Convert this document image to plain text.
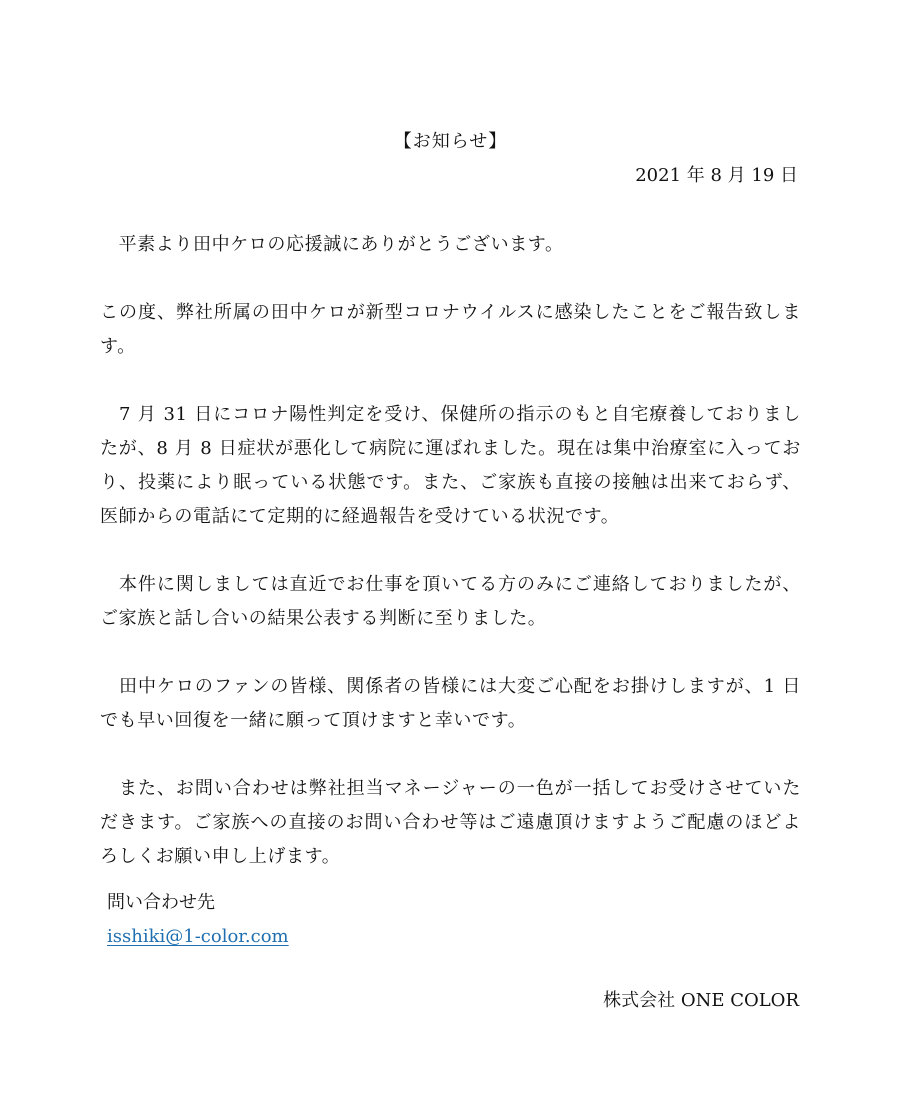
【お知らせ】
2021 年 8 月 19 日

　平素より田中ケロの応援誠にありがとうございます。

この度、弊社所属の田中ケロが新型コロナウイルスに感染したことをご報告致します。

　7 月 31 日にコロナ陽性判定を受け、保健所の指示のもと自宅療養しておりましたが、8 月 8 日症状が悪化して病院に運ばれました。現在は集中治療室に入っており、投薬により眠っている状態です。また、ご家族も直接の接触は出来ておらず、医師からの電話にて定期的に経過報告を受けている状況です。

　本件に関しましては直近でお仕事を頂いてる方のみにご連絡しておりましたが、ご家族と話し合いの結果公表する判断に至りました。

　田中ケロのファンの皆様、関係者の皆様には大変ご心配をお掛けしますが、1 日でも早い回復を一緒に願って頂けますと幸いです。

　また、お問い合わせは弊社担当マネージャーの一色が一括してお受けさせていただきます。ご家族への直接のお問い合わせ等はご遠慮頂けますようご配慮のほどよろしくお願い申し上げます。

問い合わせ先
isshiki@1-color.com
株式会社 ONE COLOR
